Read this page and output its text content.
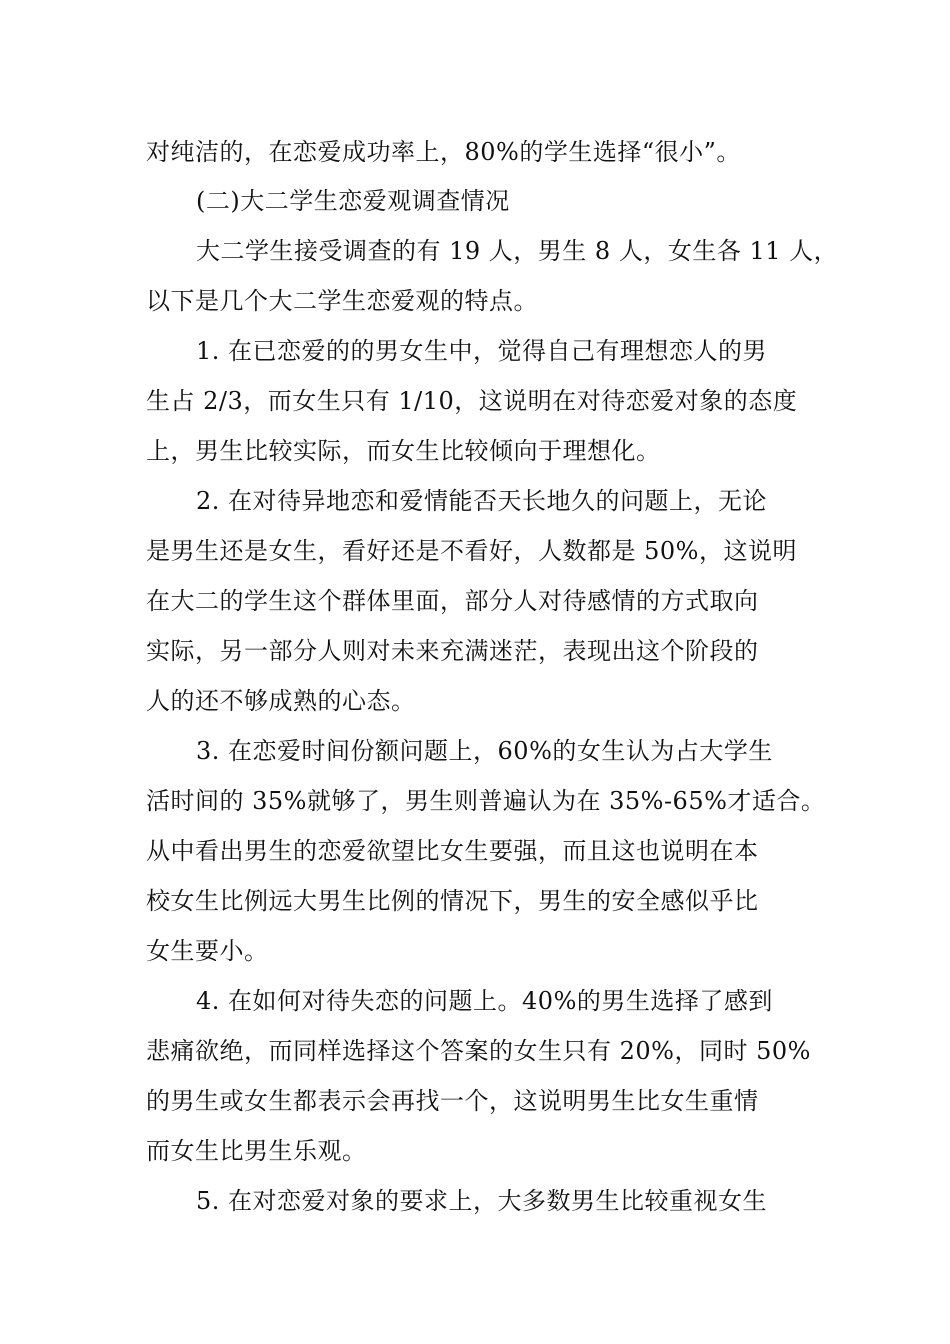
对纯洁的，在恋爱成功率上，80%的学生选择“很小”。
(二)大二学生恋爱观调查情况
大二学生接受调查的有 19 人，男生 8 人，女生各 11 人，
以下是几个大二学生恋爱观的特点。
1. 在已恋爱的的男女生中，觉得自己有理想恋人的男
生占 2/3，而女生只有 1/10，这说明在对待恋爱对象的态度
上，男生比较实际，而女生比较倾向于理想化。
2. 在对待异地恋和爱情能否天长地久的问题上，无论
是男生还是女生，看好还是不看好，人数都是 50%，这说明
在大二的学生这个群体里面，部分人对待感情的方式取向
实际，另一部分人则对未来充满迷茫，表现出这个阶段的
人的还不够成熟的心态。
3. 在恋爱时间份额问题上，60%的女生认为占大学生
活时间的 35%就够了，男生则普遍认为在 35%-65%才适合。
从中看出男生的恋爱欲望比女生要强，而且这也说明在本
校女生比例远大男生比例的情况下，男生的安全感似乎比
女生要小。
4. 在如何对待失恋的问题上。40%的男生选择了感到
悲痛欲绝，而同样选择这个答案的女生只有 20%，同时 50%
的男生或女生都表示会再找一个，这说明男生比女生重情
而女生比男生乐观。
5. 在对恋爱对象的要求上，大多数男生比较重视女生
